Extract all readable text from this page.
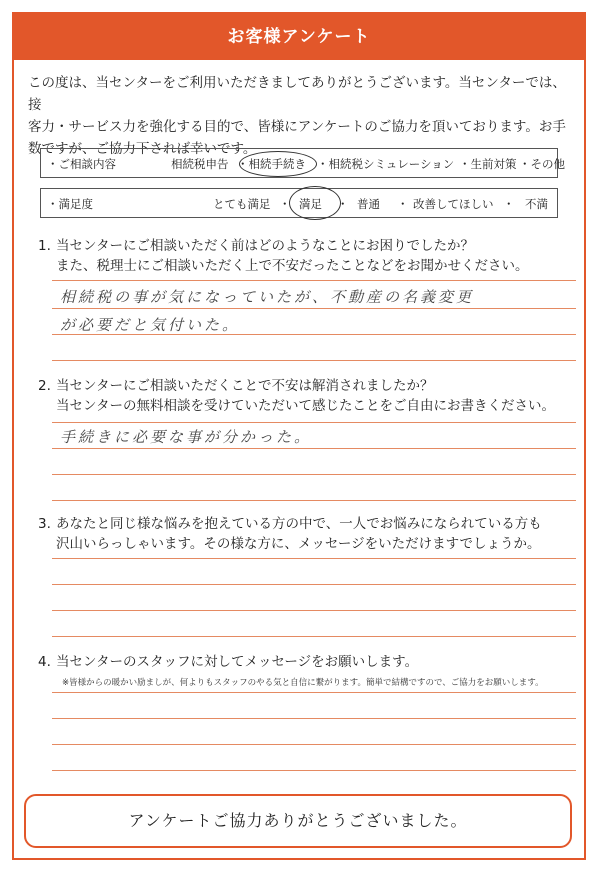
お客様アンケート
この度は、当センターをご利用いただきましてありがとうございます。当センターでは、接
客力・サービス力を強化する目的で、皆様にアンケートのご協力を頂いております。お手
数ですが、ご協力下されば幸いです。
・ご相談内容	相続税申告 ・相続手続き ・相続税シミュレーション ・生前対策 ・その他
・満足度	とても満足 ・ 満足 ・ 普通 ・ 改善してほしい ・ 不満
1. 当センターにご相談いただく前はどのようなことにお困りでしたか？
また、税理士にご相談いただく上で不安だったことなどをお聞かせください。
相続税の事が気になっていたが、不動産の名義変更
が必要だと気付いた。
2. 当センターにご相談いただくことで不安は解消されましたか？
当センターの無料相談を受けていただいて感じたことをご自由にお書きください。
手続きに必要な事が分かった。
3. あなたと同じ様な悩みを抱えている方の中で、一人でお悩みになられている方も
沢山いらっしゃいます。その様な方に、メッセージをいただけますでしょうか。
4. 当センターのスタッフに対してメッセージをお願いします。
※皆様からの暖かい励ましが、何よりもスタッフのやる気と自信に繋がります。簡単で結構ですので、ご協力をお願いします。
アンケートご協力ありがとうございました。
